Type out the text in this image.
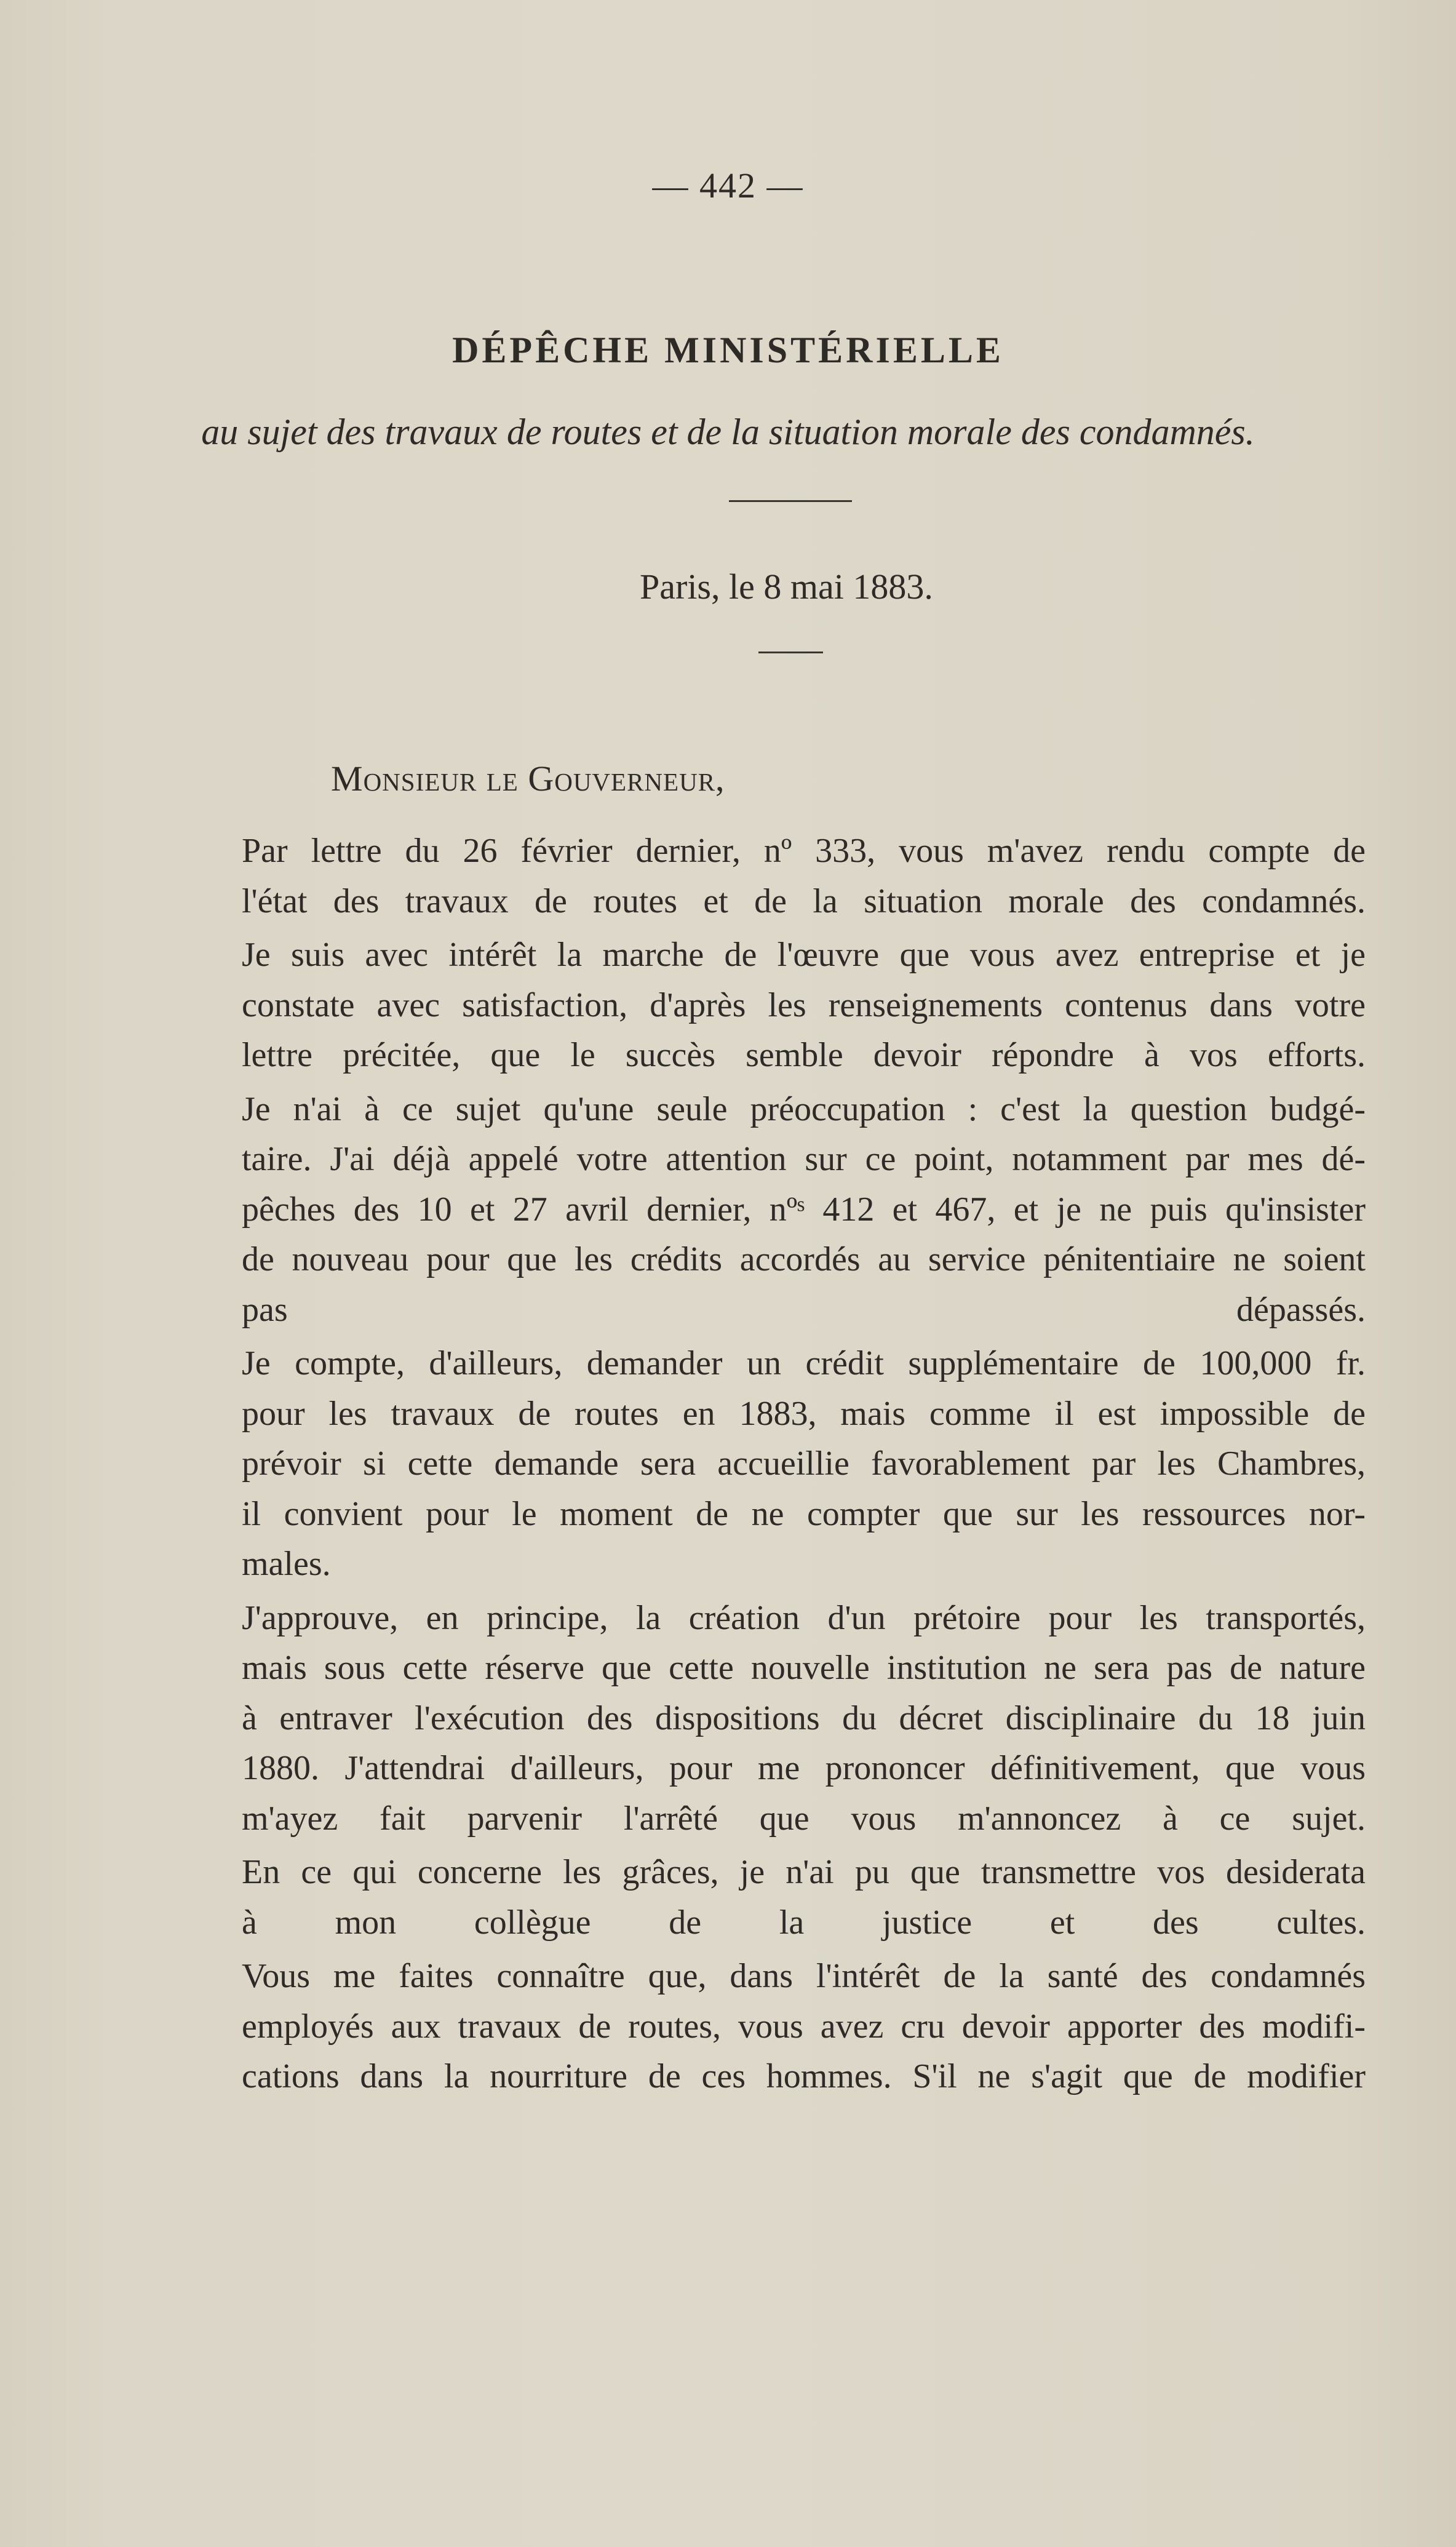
— 442 —
DÉPÊCHE MINISTÉRIELLE
au sujet des travaux de routes et de la situation morale des condamnés.
Paris, le 8 mai 1883.
Monsieur le Gouverneur,
Par lettre du 26 février dernier, nº 333, vous m'avez rendu compte de
l'état des travaux de routes et de la situation morale des condamnés.
Je suis avec intérêt la marche de l'œuvre que vous avez entreprise et je
constate avec satisfaction, d'après les renseignements contenus dans votre
lettre précitée, que le succès semble devoir répondre à vos efforts.
Je n'ai à ce sujet qu'une seule préoccupation : c'est la question budgé-
taire. J'ai déjà appelé votre attention sur ce point, notamment par mes dé-
pêches des 10 et 27 avril dernier, nºˢ 412 et 467, et je ne puis qu'insister
de nouveau pour que les crédits accordés au service pénitentiaire ne soient
pas dépassés.
Je compte, d'ailleurs, demander un crédit supplémentaire de 100,000 fr.
pour les travaux de routes en 1883, mais comme il est impossible de
prévoir si cette demande sera accueillie favorablement par les Chambres,
il convient pour le moment de ne compter que sur les ressources nor-
males.
J'approuve, en principe, la création d'un prétoire pour les transportés,
mais sous cette réserve que cette nouvelle institution ne sera pas de nature
à entraver l'exécution des dispositions du décret disciplinaire du 18 juin
1880. J'attendrai d'ailleurs, pour me prononcer définitivement, que vous
m'ayez fait parvenir l'arrêté que vous m'annoncez à ce sujet.
En ce qui concerne les grâces, je n'ai pu que transmettre vos desiderata
à mon collègue de la justice et des cultes.
Vous me faites connaître que, dans l'intérêt de la santé des condamnés
employés aux travaux de routes, vous avez cru devoir apporter des modifi-
cations dans la nourriture de ces hommes. S'il ne s'agit que de modifier
